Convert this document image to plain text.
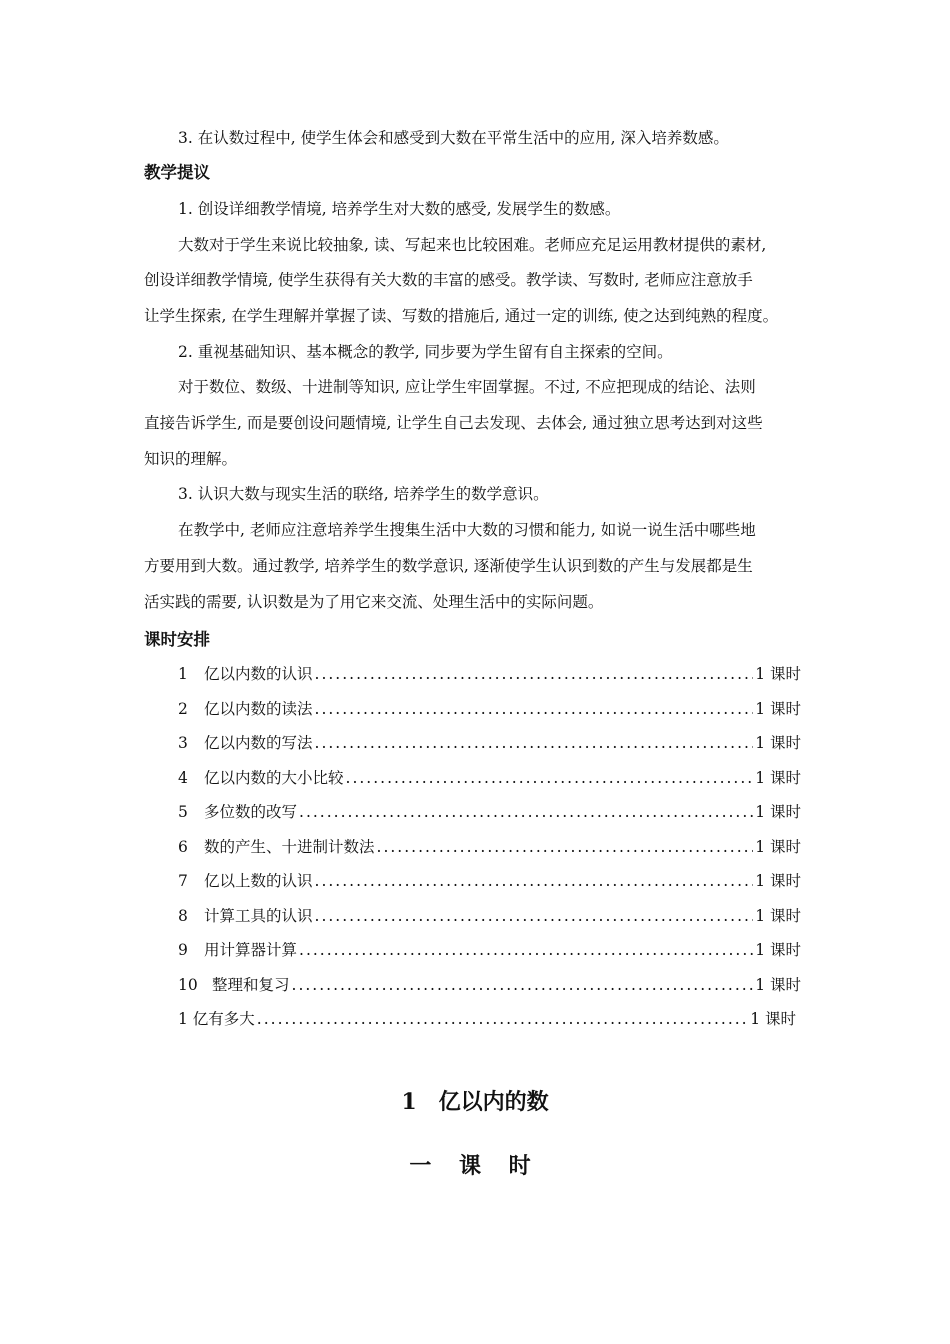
3. 在认数过程中, 使学生体会和感受到大数在平常生活中的应用, 深入培养数感。
教学提议
1. 创设详细教学情境, 培养学生对大数的感受, 发展学生的数感。
大数对于学生来说比较抽象, 读、写起来也比较困难。老师应充足运用教材提供的素材,
创设详细教学情境, 使学生获得有关大数的丰富的感受。教学读、写数时, 老师应注意放手
让学生探索, 在学生理解并掌握了读、写数的措施后, 通过一定的训练, 使之达到纯熟的程度。
2. 重视基础知识、基本概念的教学, 同步要为学生留有自主探索的空间。
对于数位、数级、十进制等知识, 应让学生牢固掌握。不过, 不应把现成的结论、法则
直接告诉学生, 而是要创设问题情境, 让学生自己去发现、去体会, 通过独立思考达到对这些
知识的理解。
3. 认识大数与现实生活的联络, 培养学生的数学意识。
在教学中, 老师应注意培养学生搜集生活中大数的习惯和能力, 如说一说生活中哪些地
方要用到大数。通过教学, 培养学生的数学意识, 逐渐使学生认识到数的产生与发展都是生
活实践的需要, 认识数是为了用它来交流、处理生活中的实际问题。
课时安排
1	亿以内数的认识 .....	1 课时
2	亿以内数的读法 .....	1 课时
3	亿以内数的写法 .....	1 课时
4	亿以内数的大小比较 .....	1 课时
5	多位数的改写 .....	1 课时
6	数的产生、十进制计数法 .....	1 课时
7	亿以上数的认识 .....	1 课时
8	计算工具的认识 .....	1 课时
9	用计算器计算 .....	1 课时
10 整理和复习 .....	1 课时
1 亿有多大 .....	1 课时
1 亿以内的数
一 课 时
